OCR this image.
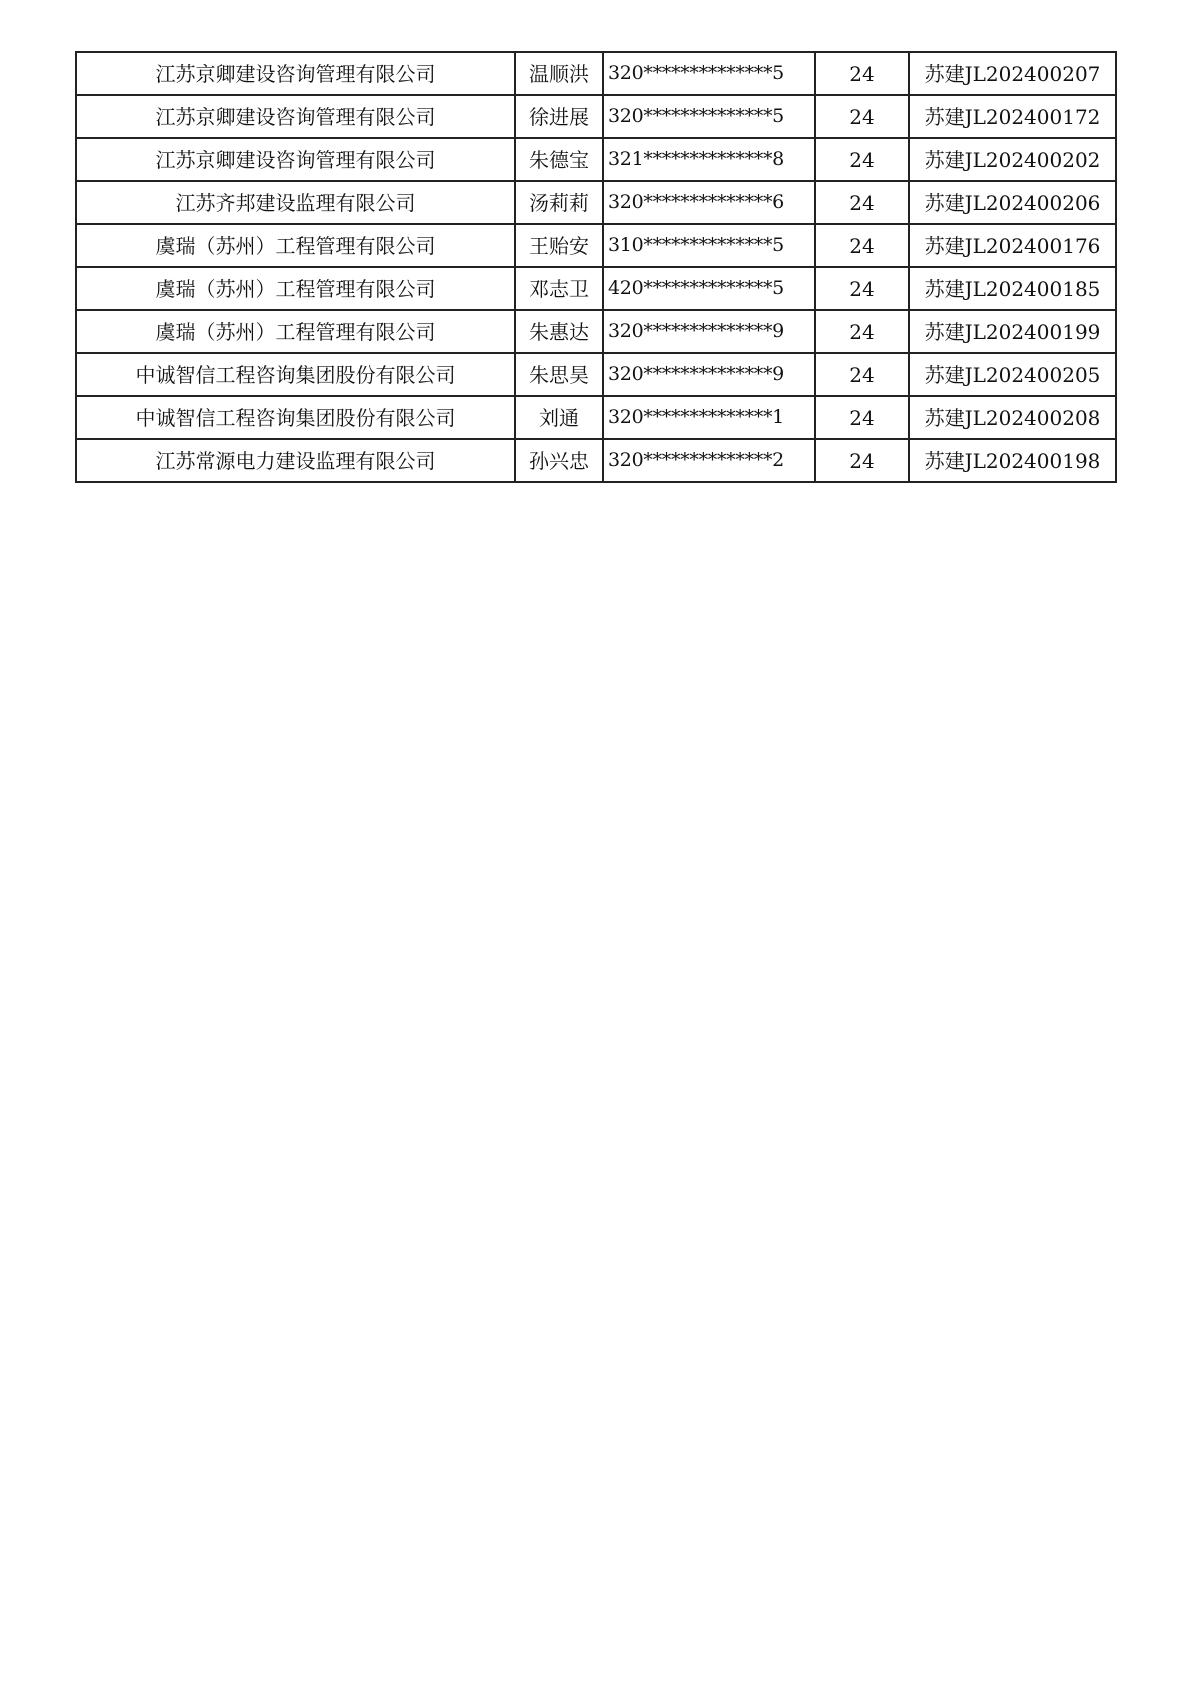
江苏京卿建设咨询管理有限公司	温顺洪	320**************5	24	苏建JL202400207
江苏京卿建设咨询管理有限公司	徐进展	320**************5	24	苏建JL202400172
江苏京卿建设咨询管理有限公司	朱德宝	321**************8	24	苏建JL202400202
江苏齐邦建设监理有限公司	汤莉莉	320**************6	24	苏建JL202400206
虞瑞（苏州）工程管理有限公司	王贻安	310**************5	24	苏建JL202400176
虞瑞（苏州）工程管理有限公司	邓志卫	420**************5	24	苏建JL202400185
虞瑞（苏州）工程管理有限公司	朱惠达	320**************9	24	苏建JL202400199
中诚智信工程咨询集团股份有限公司	朱思昊	320**************9	24	苏建JL202400205
中诚智信工程咨询集团股份有限公司	刘通	320**************1	24	苏建JL202400208
江苏常源电力建设监理有限公司	孙兴忠	320**************2	24	苏建JL202400198
